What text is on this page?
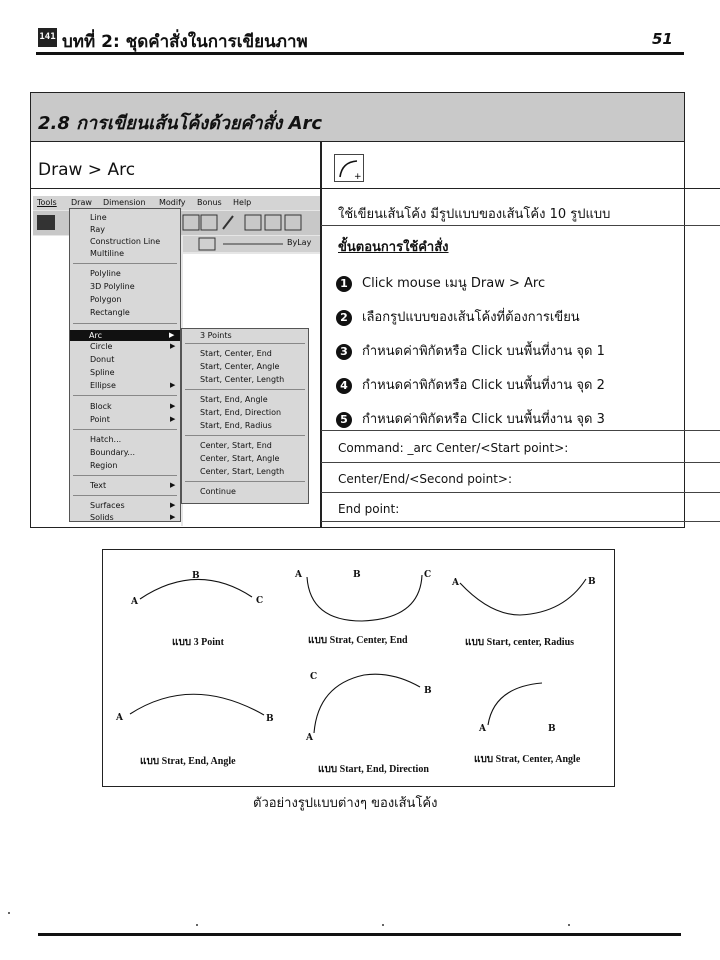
141 บทที่ 2: ชุดคำสั่งในการเขียนภาพ	51
2.8 การเขียนเส้นโค้งด้วยคำสั่ง Arc
Draw > Arc	+
ใช้เขียนเส้นโค้ง มีรูปแบบของเส้นโค้ง 10 รูปแบบ
ขั้นตอนการใช้คำสั่ง
1 Click mouse เมนู Draw > Arc
2 เลือกรูปแบบของเส้นโค้งที่ต้องการเขียน
3 กำหนดค่าพิกัดหรือ Click บนพื้นที่งาน จุด 1
4 กำหนดค่าพิกัดหรือ Click บนพื้นที่งาน จุด 2
5 กำหนดค่าพิกัดหรือ Click บนพื้นที่งาน จุด 3
Command: _arc Center/<Start point>:
Center/End/<Second point>:
End point:
Tools Draw Dimension Modify Bonus Help
ByLay
Line
Ray
Construction Line
Multiline
Polyline
3D Polyline
Polygon
Rectangle
Circle	▶
Donut
Spline
Ellipse	▶
Block	▶
Point	▶
Hatch...
Boundary...
Region
Text	▶
Surfaces	▶
Solids	▶
Arc	▶	3 Points
Start, Center, End
Start, Center, Angle
Start, Center, Length
Start, End, Angle
Start, End, Direction
Start, End, Radius
Center, Start, End
Center, Start, Angle
Center, Start, Length
Continue
A
B
C
A	B	C
A	B
A	B
C
B
A
A	B
แบบ 3 Point	แบบ Strat, Center, End	แบบ Start, center, Radius
แบบ Strat, End, Angle
แบบ Start, End, Direction
แบบ Strat, Center, Angle
ตัวอย่างรูปแบบต่างๆ ของเส้นโค้ง
